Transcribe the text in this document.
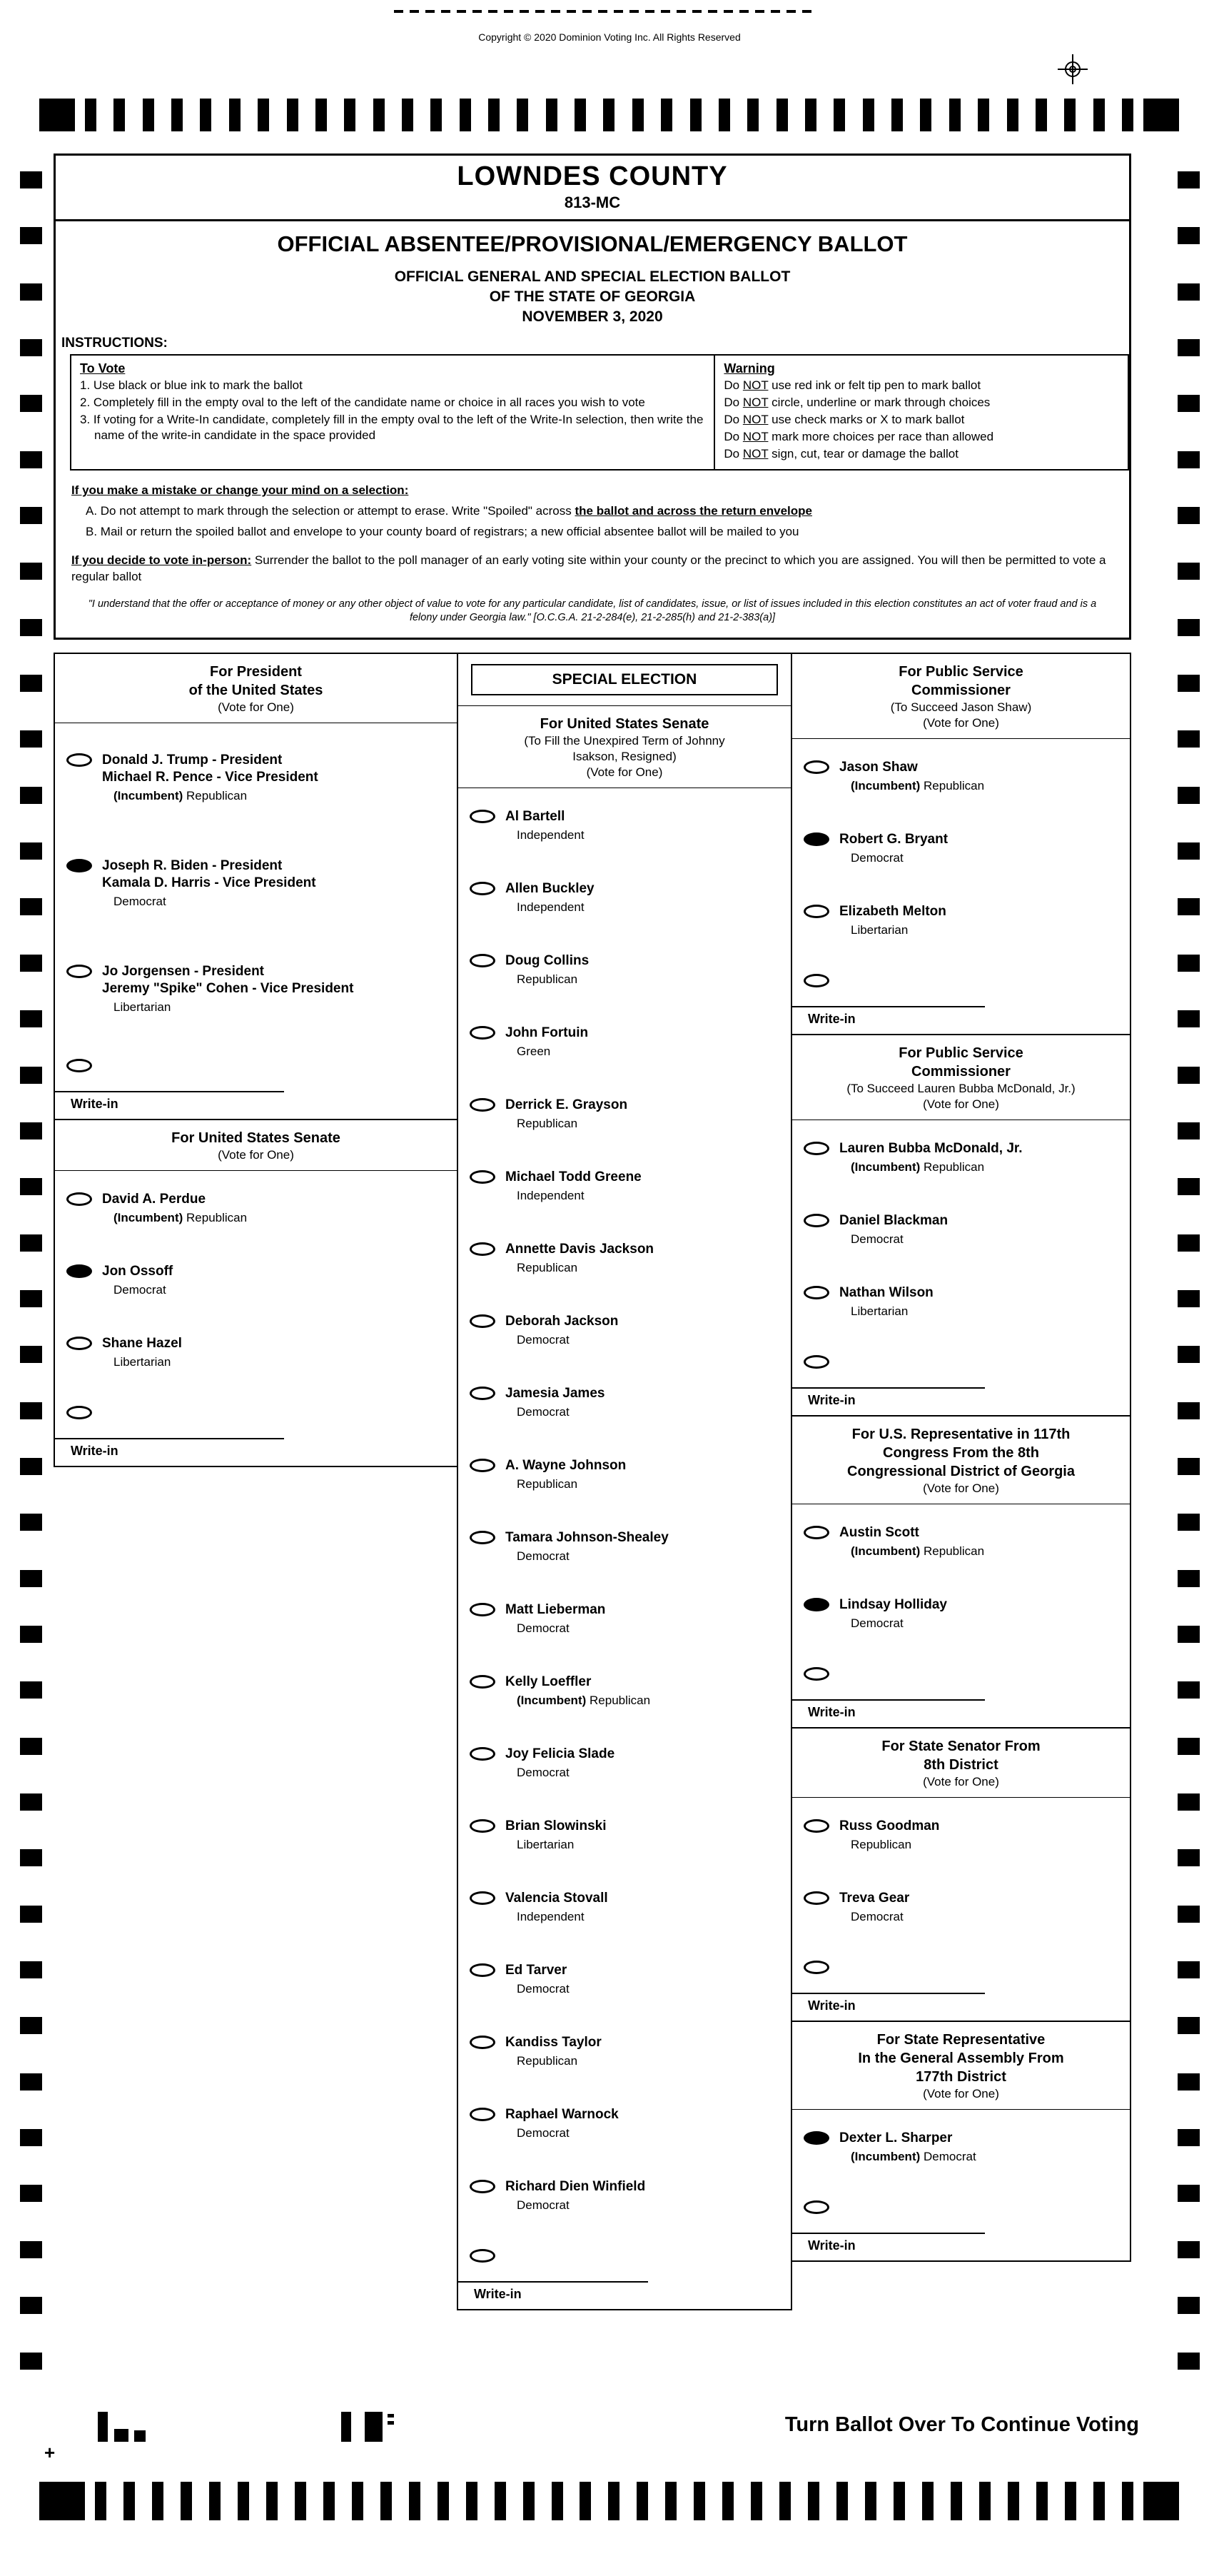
Copyright © 2020 Dominion Voting Inc. All Rights Reserved
LOWNDES COUNTY
813-MC
OFFICIAL ABSENTEE/PROVISIONAL/EMERGENCY BALLOT
OFFICIAL GENERAL AND SPECIAL ELECTION BALLOT
OF THE STATE OF GEORGIA
NOVEMBER 3, 2020
INSTRUCTIONS:
To Vote
1. Use black or blue ink to mark the ballot
2. Completely fill in the empty oval to the left of the candidate name or choice in all races you wish to vote
3. If voting for a Write-In candidate, completely fill in the empty oval to the left of the Write-In selection, then write the name of the write-in candidate in the space provided
Warning
Do NOT use red ink or felt tip pen to mark ballot
Do NOT circle, underline or mark through choices
Do NOT use check marks or X to mark ballot
Do NOT mark more choices per race than allowed
Do NOT sign, cut, tear or damage the ballot
If you make a mistake or change your mind on a selection:
A. Do not attempt to mark through the selection or attempt to erase. Write "Spoiled" across the ballot and across the return envelope
B. Mail or return the spoiled ballot and envelope to your county board of registrars; a new official absentee ballot will be mailed to you
If you decide to vote in-person: Surrender the ballot to the poll manager of an early voting site within your county or the precinct to which you are assigned. You will then be permitted to vote a regular ballot
"I understand that the offer or acceptance of money or any other object of value to vote for any particular candidate, list of candidates, issue, or list of issues included in this election constitutes an act of voter fraud and is a felony under Georgia law." [O.C.G.A. 21-2-284(e), 21-2-285(h) and 21-2-383(a)]
For President
of the United States
(Vote for One)
Donald J. Trump - President
Michael R. Pence - Vice President
(Incumbent) Republican
Joseph R. Biden - President
Kamala D. Harris - Vice President
Democrat
Jo Jorgensen - President
Jeremy "Spike" Cohen - Vice President
Libertarian
Write-in
For United States Senate
(Vote for One)
David A. Perdue
(Incumbent) Republican
Jon Ossoff
Democrat
Shane Hazel
Libertarian
Write-in
SPECIAL ELECTION
For United States Senate
(To Fill the Unexpired Term of Johnny
Isakson, Resigned)
(Vote for One)
Al Bartell
Independent
Allen Buckley
Independent
Doug Collins
Republican
John Fortuin
Green
Derrick E. Grayson
Republican
Michael Todd Greene
Independent
Annette Davis Jackson
Republican
Deborah Jackson
Democrat
Jamesia James
Democrat
A. Wayne Johnson
Republican
Tamara Johnson-Shealey
Democrat
Matt Lieberman
Democrat
Kelly Loeffler
(Incumbent) Republican
Joy Felicia Slade
Democrat
Brian Slowinski
Libertarian
Valencia Stovall
Independent
Ed Tarver
Democrat
Kandiss Taylor
Republican
Raphael Warnock
Democrat
Richard Dien Winfield
Democrat
Write-in
For Public Service
Commissioner
(To Succeed Jason Shaw)
(Vote for One)
Jason Shaw
(Incumbent) Republican
Robert G. Bryant
Democrat
Elizabeth Melton
Libertarian
Write-in
For Public Service
Commissioner
(To Succeed Lauren Bubba McDonald, Jr.)
(Vote for One)
Lauren Bubba McDonald, Jr.
(Incumbent) Republican
Daniel Blackman
Democrat
Nathan Wilson
Libertarian
Write-in
For U.S. Representative in 117th
Congress From the 8th
Congressional District of Georgia
(Vote for One)
Austin Scott
(Incumbent) Republican
Lindsay Holliday
Democrat
Write-in
For State Senator From
8th District
(Vote for One)
Russ Goodman
Republican
Treva Gear
Democrat
Write-in
For State Representative
In the General Assembly From
177th District
(Vote for One)
Dexter L. Sharper
(Incumbent) Democrat
Write-in
+
Turn Ballot Over To Continue Voting
